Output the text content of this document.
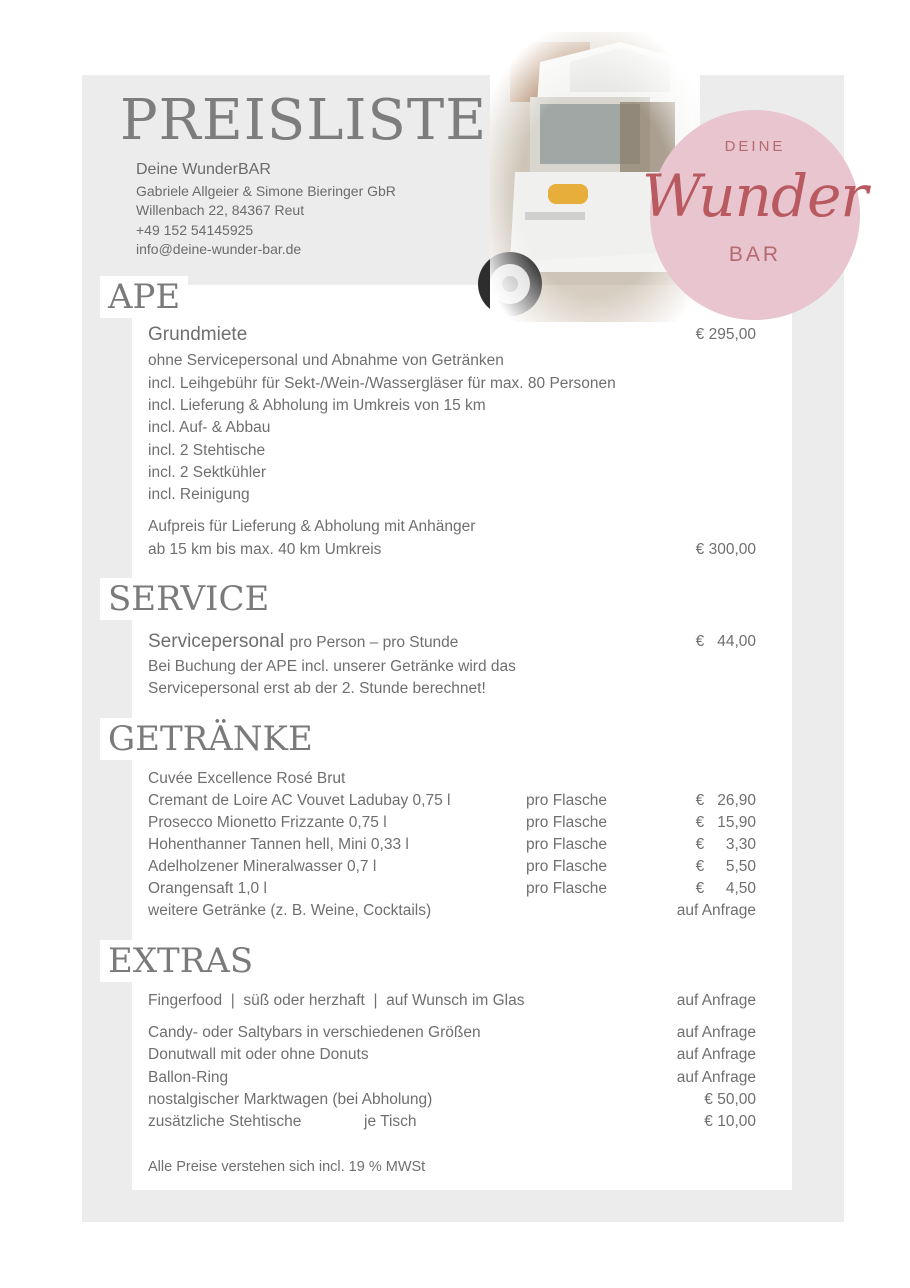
PREISLISTE
Deine WunderBAR
Gabriele Allgeier & Simone Bieringer GbR
Willenbach 22, 84367 Reut
+49 152 54145925
info@deine-wunder-bar.de
DEINE
Wunder
BAR
APE
Grundmiete	€ 295,00
ohne Servicepersonal und Abnahme von Getränken
incl. Leihgebühr für Sekt-/Wein-/Wassergläser für max. 80 Personen
incl. Lieferung & Abholung im Umkreis von 15 km
incl. Auf- & Abbau
incl. 2 Stehtische
incl. 2 Sektkühler
incl. Reinigung
Aufpreis für Lieferung & Abholung mit Anhänger
ab 15 km bis max. 40 km Umkreis	€ 300,00
SERVICE
Servicepersonal pro Person – pro Stunde	€   44,00
Bei Buchung der APE incl. unserer Getränke wird das
Servicepersonal erst ab der 2. Stunde berechnet!
GETRÄNKE
Cuvée Excellence Rosé Brut
Cremant de Loire AC Vouvet Ladubay 0,75 l	pro Flasche	€   26,90
Prosecco Mionetto Frizzante 0,75 l	pro Flasche	€   15,90
Hohenthanner Tannen hell, Mini 0,33 l	pro Flasche	€     3,30
Adelholzener Mineralwasser 0,7 l	pro Flasche	€     5,50
Orangensaft 1,0 l	pro Flasche	€     4,50
weitere Getränke (z. B. Weine, Cocktails)	auf Anfrage
EXTRAS
Fingerfood  |  süß oder herzhaft  |  auf Wunsch im Glas	auf Anfrage
Candy- oder Saltybars in verschiedenen Größen	auf Anfrage
Donutwall mit oder ohne Donuts	auf Anfrage
Ballon-Ring	auf Anfrage
nostalgischer Marktwagen (bei Abholung)	€ 50,00
zusätzliche Stehtische	je Tisch	€ 10,00
Alle Preise verstehen sich incl. 19 % MWSt
